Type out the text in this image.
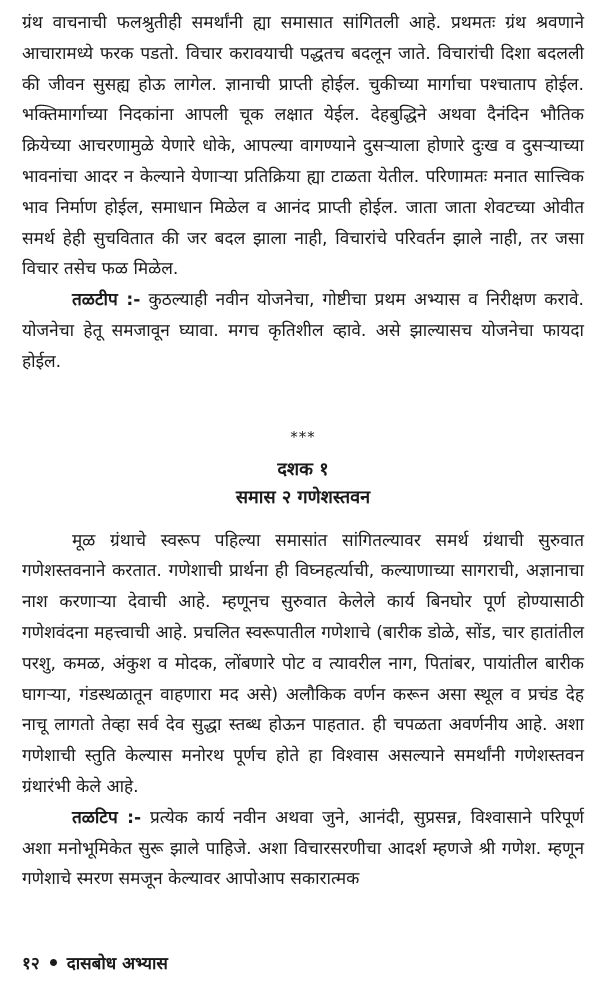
ग्रंथ वाचनाची फलश्रुतीही समर्थांनी ह्या समासात सांगितली आहे. प्रथमतः ग्रंथ श्रवणाने आचारामध्ये फरक पडतो. विचार करावयाची पद्धतच बदलून जाते. विचारांची दिशा बदलली की जीवन सुसह्य होऊ लागेल. ज्ञानाची प्राप्ती होईल. चुकीच्या मार्गाचा पश्चाताप होईल. भक्तिमार्गाच्या निदकांना आपली चूक लक्षात येईल. देहबुद्धिने अथवा दैनंदिन भौतिक क्रियेच्या आचरणामुळे येणारे धोके, आपल्या वागण्याने दुसऱ्याला होणारे दुःख व दुसऱ्याच्या भावनांचा आदर न केल्याने येणाऱ्या प्रतिक्रिया ह्या टाळता येतील. परिणामतः मनात सात्त्विक भाव निर्माण होईल, समाधान मिळेल व आनंद प्राप्ती होईल. जाता जाता शेवटच्या ओवीत समर्थ हेही सुचवितात की जर बदल झाला नाही, विचारांचे परिवर्तन झाले नाही, तर जसा विचार तसेच फळ मिळेल.

तळटीप :- कुठल्याही नवीन योजनेचा, गोष्टीचा प्रथम अभ्यास व निरीक्षण करावे. योजनेचा हेतू समजावून घ्यावा. मगच कृतिशील व्हावे. असे झाल्यासच योजनेचा फायदा होईल.

***

दशक १

समास २ गणेशस्तवन

मूळ ग्रंथाचे स्वरूप पहिल्या समासांत सांगितल्यावर समर्थ ग्रंथाची सुरुवात गणेशस्तवनाने करतात. गणेशाची प्रार्थना ही विघ्नहर्त्याची, कल्याणाच्या सागराची, अज्ञानाचा नाश करणाऱ्या देवाची आहे. म्हणूनच सुरुवात केलेले कार्य बिनघोर पूर्ण होण्यासाठी गणेशवंदना महत्त्वाची आहे. प्रचलित स्वरूपातील गणेशाचे (बारीक डोळे, सोंड, चार हातांतील परशु, कमळ, अंकुश व मोदक, लोंबणारे पोट व त्यावरील नाग, पितांबर, पायांतील बारीक घागऱ्या, गंडस्थळातून वाहणारा मद असे) अलौकिक वर्णन करून असा स्थूल व प्रचंड देह नाचू लागतो तेव्हा सर्व देव सुद्धा स्तब्ध होऊन पाहतात. ही चपळता अवर्णनीय आहे. अशा गणेशाची स्तुति केल्यास मनोरथ पूर्णच होते हा विश्वास असल्याने समर्थांनी गणेशस्तवन ग्रंथारंभी केले आहे.

तळटिप :- प्रत्येक कार्य नवीन अथवा जुने, आनंदी, सुप्रसन्न, विश्वासाने परिपूर्ण अशा मनोभूमिकेत सुरू झाले पाहिजे. अशा विचारसरणीचा आदर्श म्हणजे श्री गणेश. म्हणून गणेशाचे स्मरण समजून केल्यावर आपोआप सकारात्मक

१२ दासबोध अभ्यास
